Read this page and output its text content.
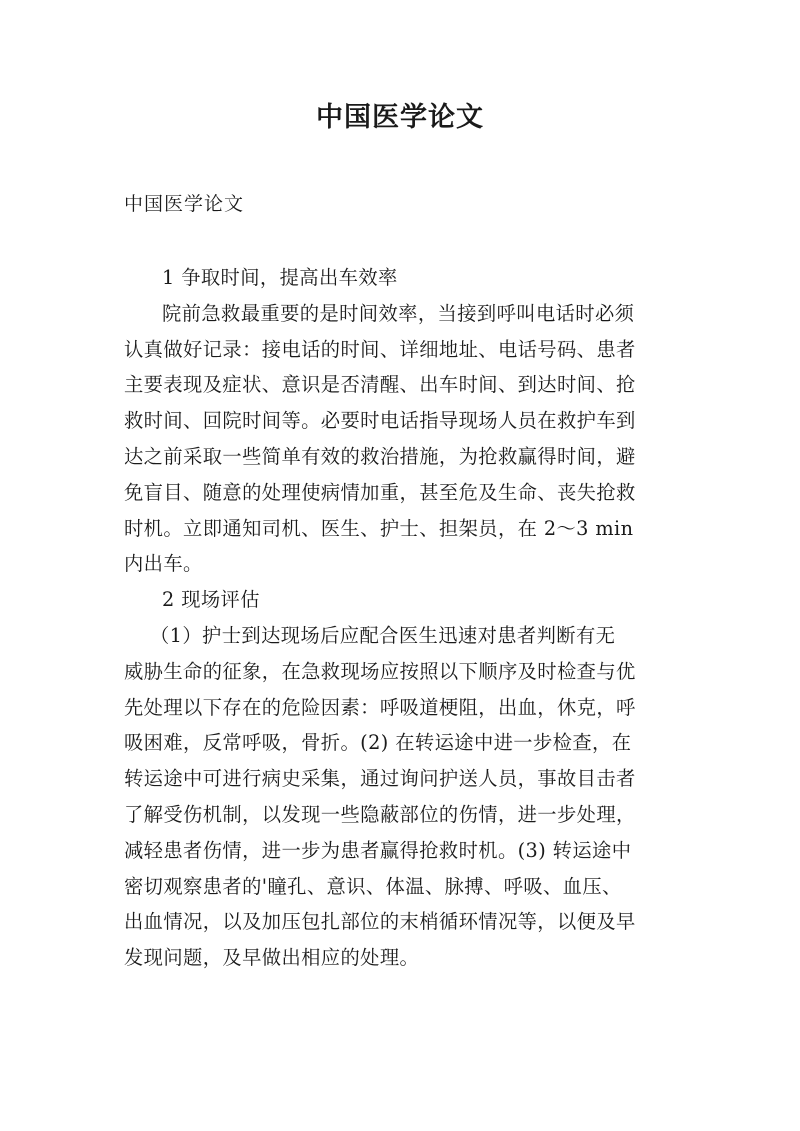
中国医学论文

中国医学论文

1 争取时间，提高出车效率

院前急救最重要的是时间效率，当接到呼叫电话时必须

认真做好记录：接电话的时间、详细地址、电话号码、患者

主要表现及症状、意识是否清醒、出车时间、到达时间、抢

救时间、回院时间等。必要时电话指导现场人员在救护车到

达之前采取一些简单有效的救治措施，为抢救赢得时间，避

免盲目、随意的处理使病情加重，甚至危及生命、丧失抢救

时机。立即通知司机、医生、护士、担架员，在 2～3 min

内出车。

2 现场评估

（1）护士到达现场后应配合医生迅速对患者判断有无

威胁生命的征象，在急救现场应按照以下顺序及时检查与优

先处理以下存在的危险因素：呼吸道梗阻，出血，休克，呼

吸困难，反常呼吸，骨折。(2) 在转运途中进一步检查，在

转运途中可进行病史采集，通过询问护送人员，事故目击者

了解受伤机制，以发现一些隐蔽部位的伤情，进一步处理，

减轻患者伤情，进一步为患者赢得抢救时机。(3) 转运途中

密切观察患者的'瞳孔、意识、体温、脉搏、呼吸、血压、

出血情况，以及加压包扎部位的末梢循环情况等，以便及早

发现问题，及早做出相应的处理。
